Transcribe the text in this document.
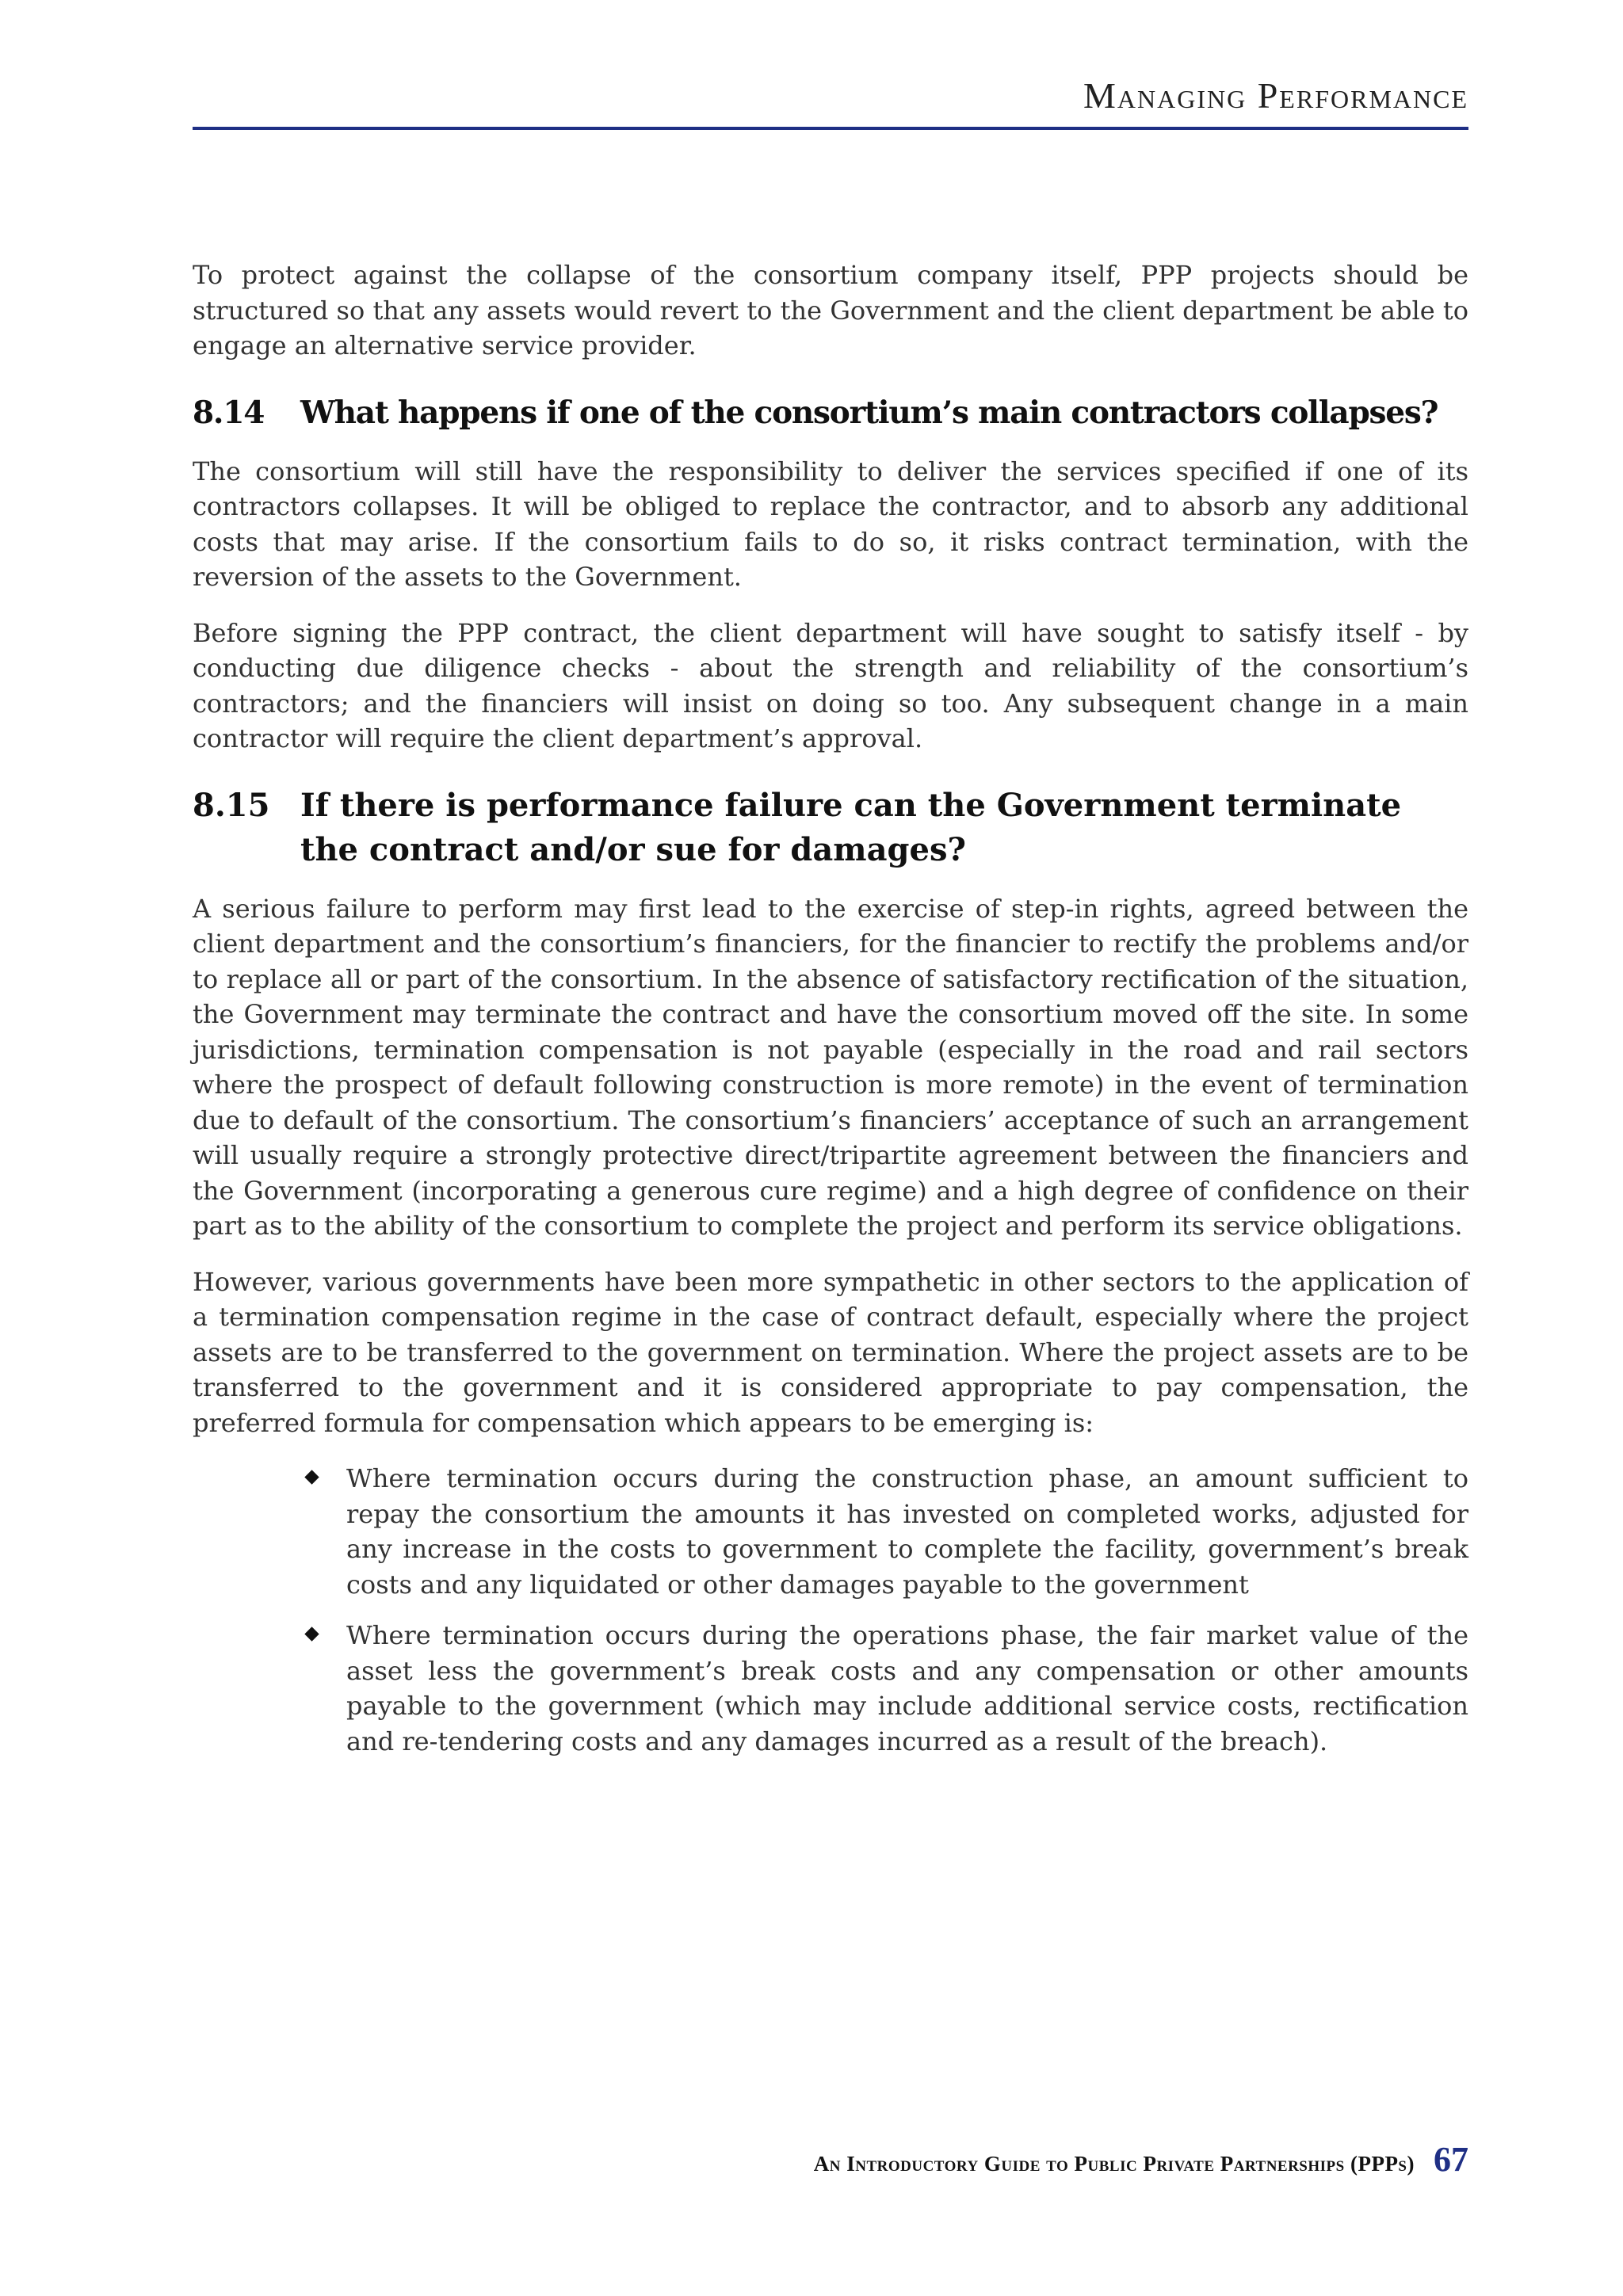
Managing Performance

To protect against the collapse of the consortium company itself, PPP projects should be structured so that any assets would revert to the Government and the client department be able to engage an alternative service provider.

8.14	What happens if one of the consortium’s main contractors collapses?

The consortium will still have the responsibility to deliver the services specified if one of its contractors collapses. It will be obliged to replace the contractor, and to absorb any additional costs that may arise. If the consortium fails to do so, it risks contract termination, with the reversion of the assets to the Government.

Before signing the PPP contract, the client department will have sought to satisfy itself - by conducting due diligence checks - about the strength and reliability of the consortium’s contractors; and the financiers will insist on doing so too. Any subsequent change in a main contractor will require the client department’s approval.

8.15 If there is performance failure can the Government terminate the contract and/or sue for damages?

A serious failure to perform may first lead to the exercise of step-in rights, agreed between the client department and the consortium’s financiers, for the financier to rectify the problems and/or to replace all or part of the consortium. In the absence of satisfactory rectification of the situation, the Government may terminate the contract and have the consortium moved off the site. In some jurisdictions, termination compensation is not payable (especially in the road and rail sectors where the prospect of default following construction is more remote) in the event of termination due to default of the consortium. The consortium’s financiers’ acceptance of such an arrangement will usually require a strongly protective direct/tripartite agreement between the financiers and the Government (incorporating a generous cure regime) and a high degree of confidence on their part as to the ability of the consortium to complete the project and perform its service obligations.

However, various governments have been more sympathetic in other sectors to the application of a termination compensation regime in the case of contract default, especially where the project assets are to be transferred to the government on termination. Where the project assets are to be transferred to the government and it is considered appropriate to pay compensation, the preferred formula for compensation which appears to be emerging is:

Where termination occurs during the construction phase, an amount sufficient to repay the consortium the amounts it has invested on completed works, adjusted for any increase in the costs to government to complete the facility, government’s break costs and any liquidated or other damages payable to the government
Where termination occurs during the operations phase, the fair market value of the asset less the government’s break costs and any compensation or other amounts payable to the government (which may include additional service costs, rectification and re-tendering costs and any damages incurred as a result of the breach).
An Introductory Guide to Public Private Partnerships (PPPs) 67
